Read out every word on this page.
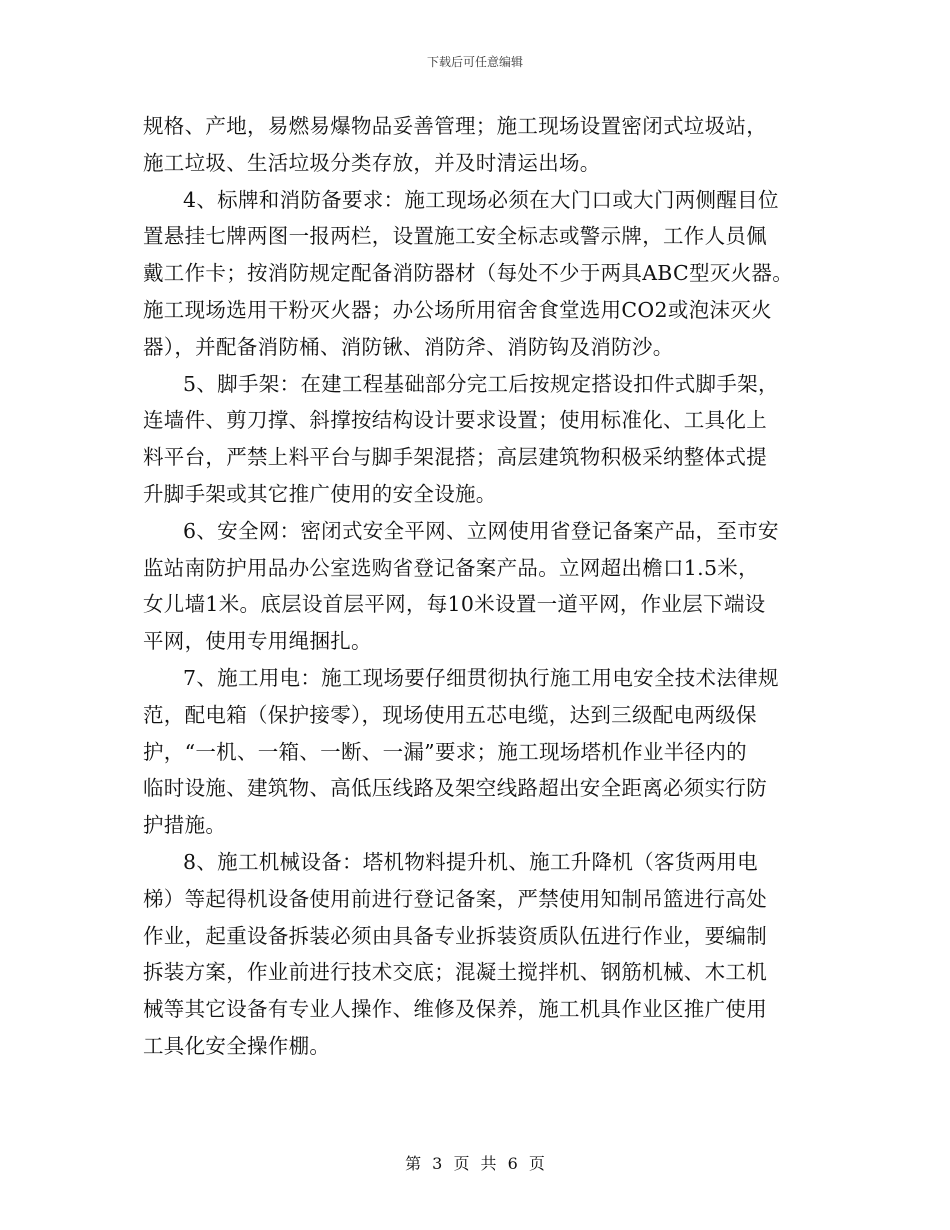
下载后可任意编辑
规格、产地，易燃易爆物品妥善管理；施工现场设置密闭式垃圾站，
施工垃圾、生活垃圾分类存放，并及时清运出场。
4、标牌和消防备要求：施工现场必须在大门口或大门两侧醒目位
置悬挂七牌两图一报两栏，设置施工安全标志或警示牌，工作人员佩
戴工作卡；按消防规定配备消防器材（每处不少于两具ABC型灭火器。
施工现场选用干粉灭火器；办公场所用宿舍食堂选用CO2或泡沫灭火
器），并配备消防桶、消防锹、消防斧、消防钩及消防沙。
5、脚手架：在建工程基础部分完工后按规定搭设扣件式脚手架，
连墙件、剪刀撑、斜撑按结构设计要求设置；使用标准化、工具化上
料平台，严禁上料平台与脚手架混搭；高层建筑物积极采纳整体式提
升脚手架或其它推广使用的安全设施。
6、安全网：密闭式安全平网、立网使用省登记备案产品，至市安
监站南防护用品办公室选购省登记备案产品。立网超出檐口1.5米，
女儿墙1米。底层设首层平网，每10米设置一道平网，作业层下端设
平网，使用专用绳捆扎。
7、施工用电：施工现场要仔细贯彻执行施工用电安全技术法律规
范，配电箱（保护接零），现场使用五芯电缆，达到三级配电两级保
护，“一机、一箱、一断、一漏”要求；施工现场塔机作业半径内的
临时设施、建筑物、高低压线路及架空线路超出安全距离必须实行防
护措施。
8、施工机械设备：塔机物料提升机、施工升降机（客货两用电
梯）等起得机设备使用前进行登记备案，严禁使用知制吊篮进行高处
作业，起重设备拆装必须由具备专业拆装资质队伍进行作业，要编制
拆装方案，作业前进行技术交底；混凝土搅拌机、钢筋机械、木工机
械等其它设备有专业人操作、维修及保养，施工机具作业区推广使用
工具化安全操作棚。
第 3 页 共 6 页
